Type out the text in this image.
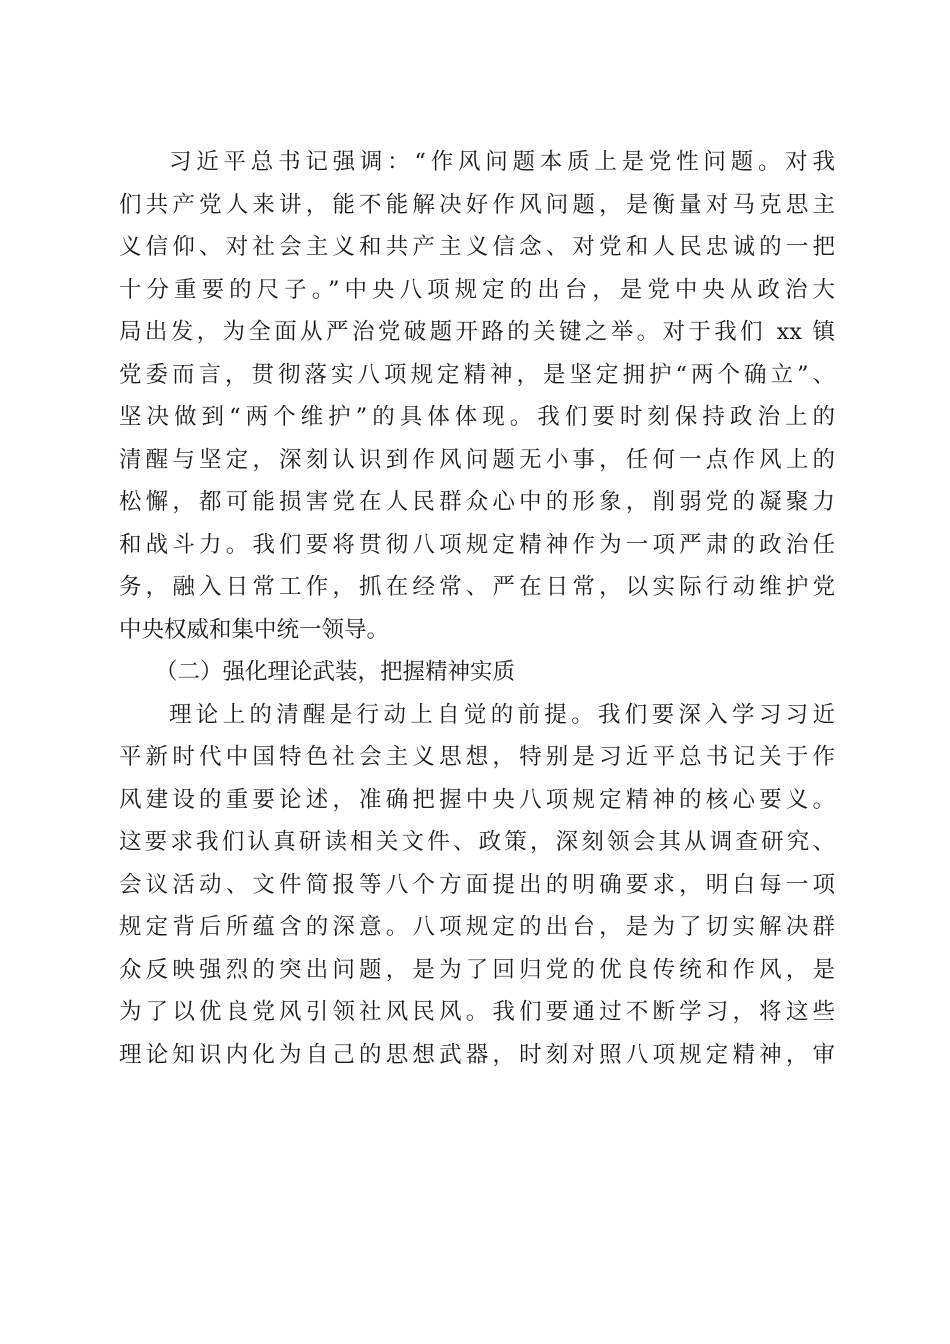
习近平总书记强调：“作风问题本质上是党性问题。对我
们共产党人来讲，能不能解决好作风问题，是衡量对马克思主
义信仰、对社会主义和共产主义信念、对党和人民忠诚的一把
十分重要的尺子。”中央八项规定的出台，是党中央从政治大
局出发，为全面从严治党破题开路的关键之举。对于我们 xx 镇
党委而言，贯彻落实八项规定精神，是坚定拥护“两个确立”、
坚决做到“两个维护”的具体体现。我们要时刻保持政治上的
清醒与坚定，深刻认识到作风问题无小事，任何一点作风上的
松懈，都可能损害党在人民群众心中的形象，削弱党的凝聚力
和战斗力。我们要将贯彻八项规定精神作为一项严肃的政治任
务，融入日常工作，抓在经常、严在日常，以实际行动维护党
中央权威和集中统一领导。
（二）强化理论武装，把握精神实质
理论上的清醒是行动上自觉的前提。我们要深入学习习近
平新时代中国特色社会主义思想，特别是习近平总书记关于作
风建设的重要论述，准确把握中央八项规定精神的核心要义。
这要求我们认真研读相关文件、政策，深刻领会其从调查研究、
会议活动、文件简报等八个方面提出的明确要求，明白每一项
规定背后所蕴含的深意。八项规定的出台，是为了切实解决群
众反映强烈的突出问题，是为了回归党的优良传统和作风，是
为了以优良党风引领社风民风。我们要通过不断学习，将这些
理论知识内化为自己的思想武器，时刻对照八项规定精神，审
